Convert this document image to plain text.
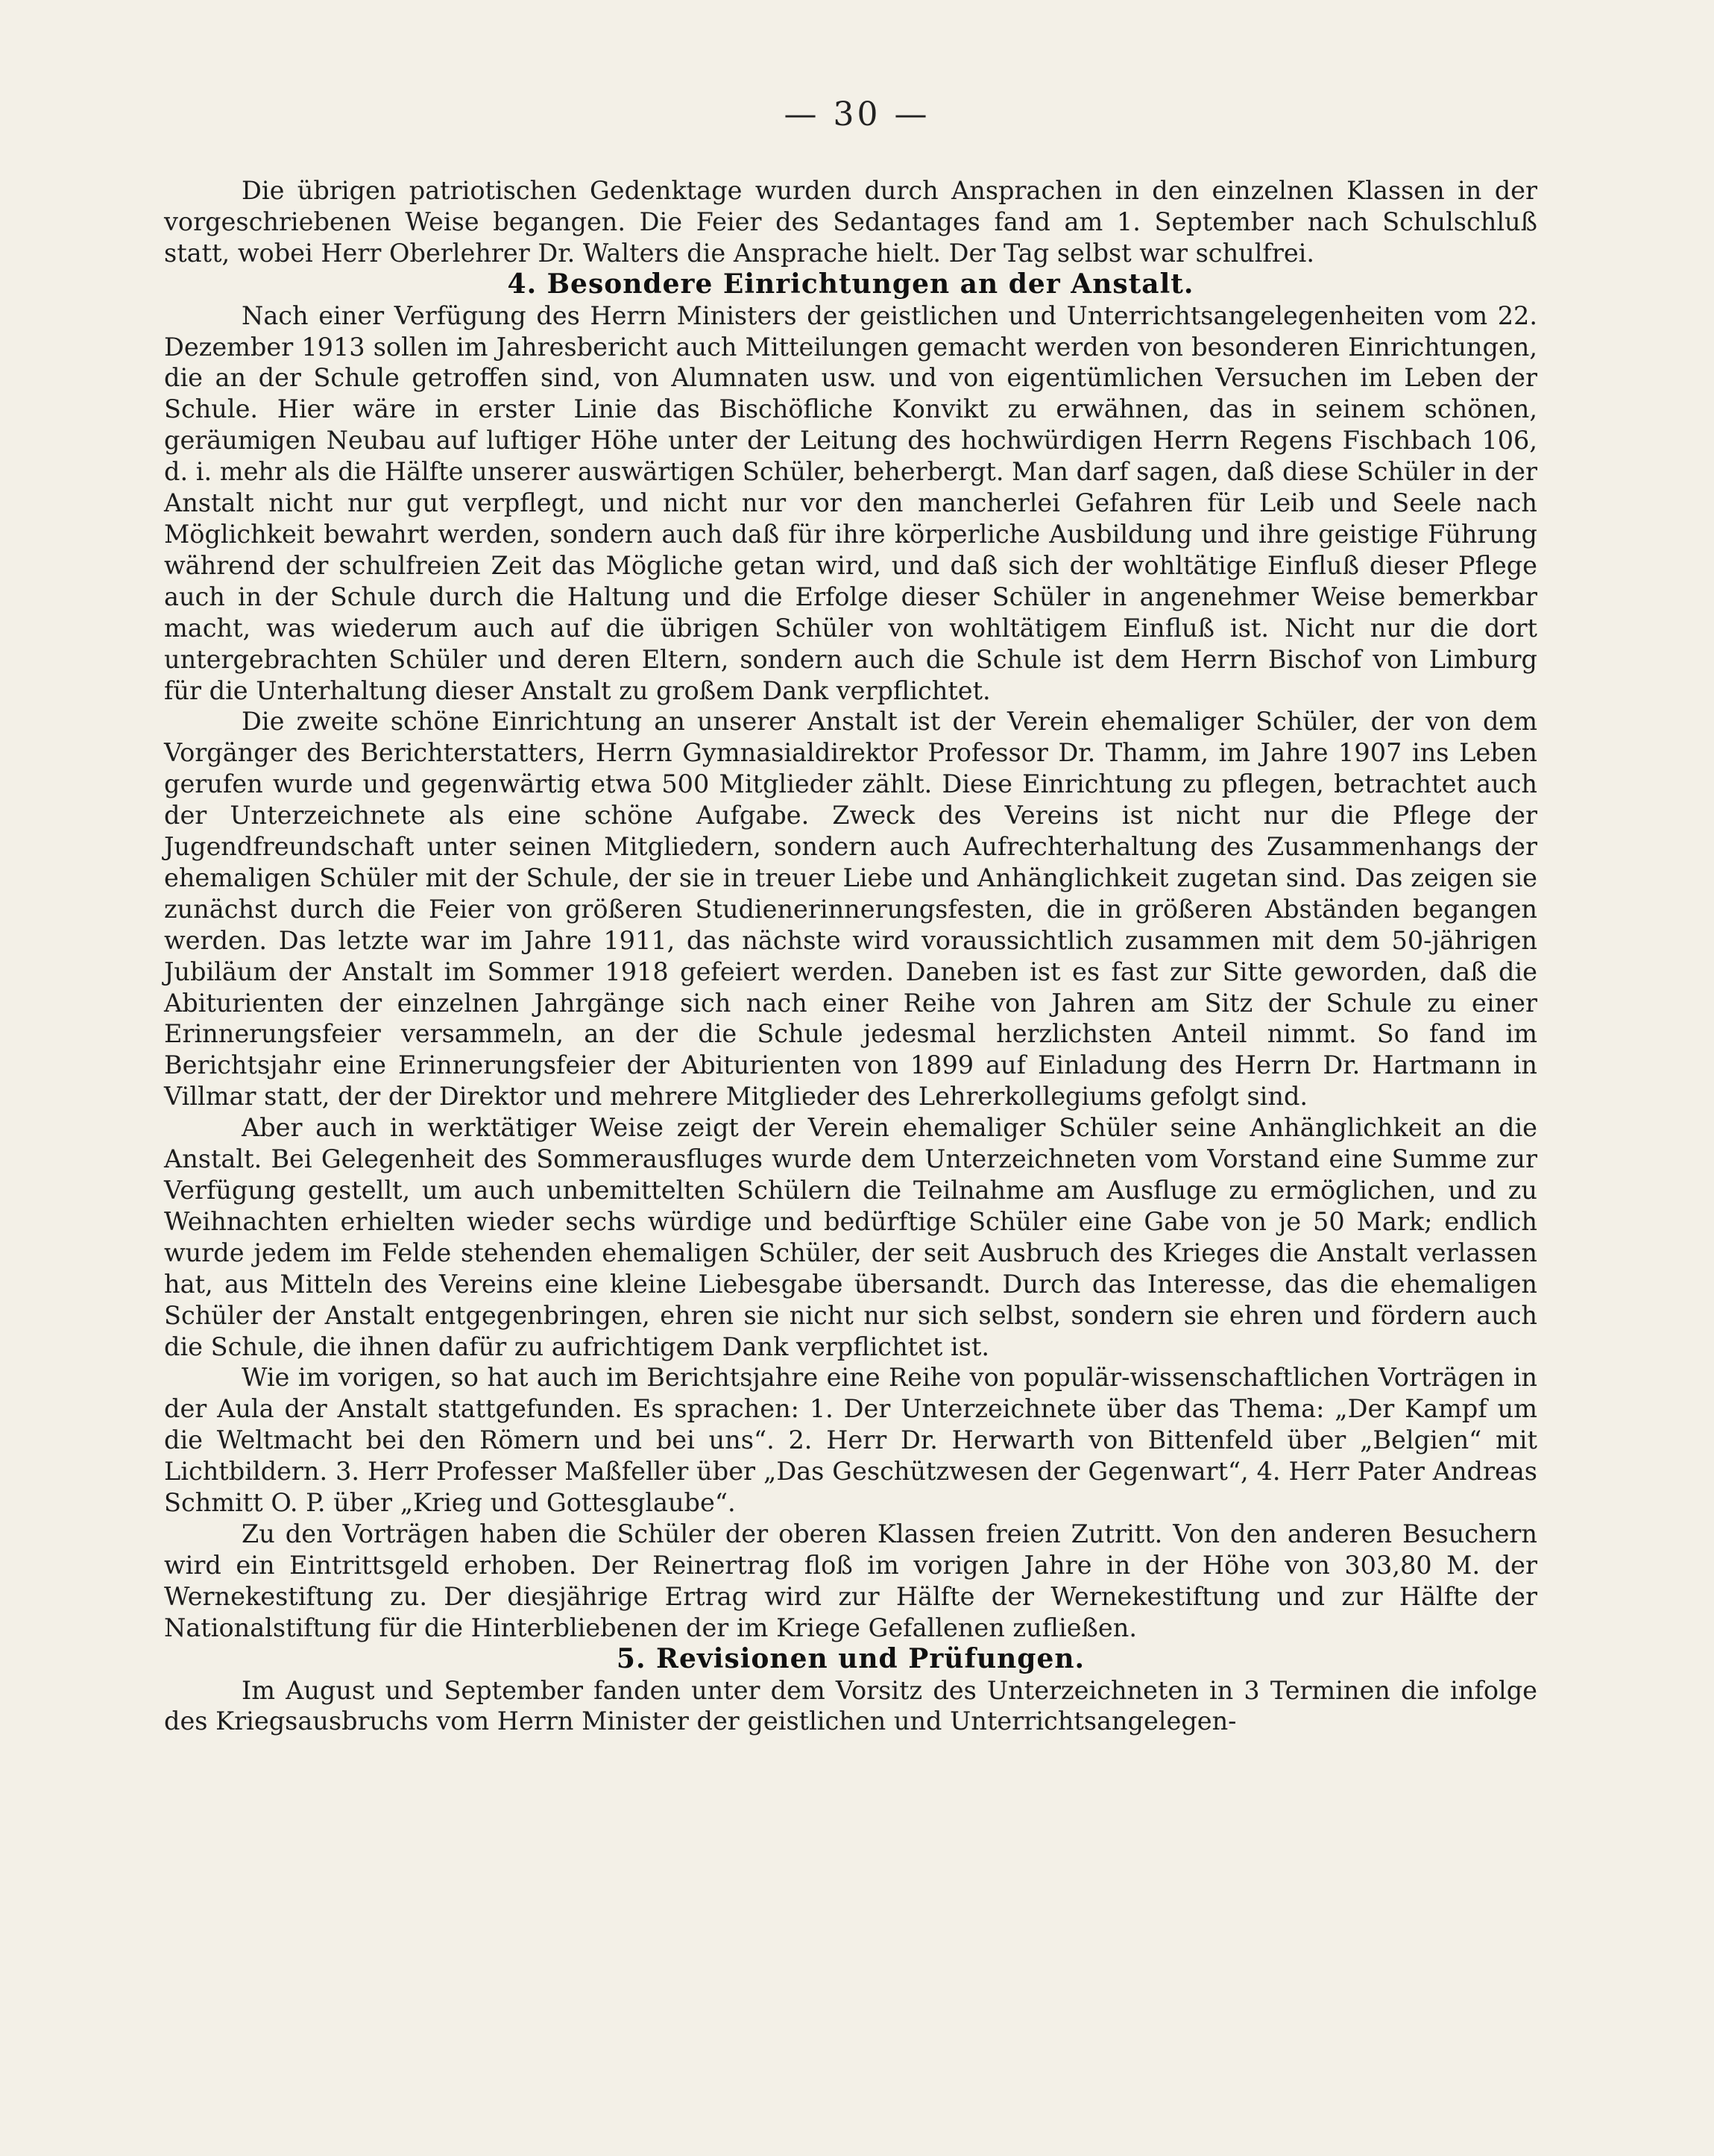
— 30 —

Die übrigen patriotischen Gedenktage wurden durch Ansprachen in den einzelnen Klassen in der vorgeschriebenen Weise begangen. Die Feier des Sedantages fand am 1. September nach Schulschluß statt, wobei Herr Oberlehrer Dr. Walters die Ansprache hielt. Der Tag selbst war schulfrei.

4. Besondere Einrichtungen an der Anstalt.

Nach einer Verfügung des Herrn Ministers der geistlichen und Unterrichtsangelegenheiten vom 22. Dezember 1913 sollen im Jahresbericht auch Mitteilungen gemacht werden von besonderen Einrichtungen, die an der Schule getroffen sind, von Alumnaten usw. und von eigentümlichen Versuchen im Leben der Schule. Hier wäre in erster Linie das Bischöfliche Konvikt zu erwähnen, das in seinem schönen, geräumigen Neubau auf luftiger Höhe unter der Leitung des hochwürdigen Herrn Regens Fischbach 106, d. i. mehr als die Hälfte unserer auswärtigen Schüler, beherbergt. Man darf sagen, daß diese Schüler in der Anstalt nicht nur gut verpflegt, und nicht nur vor den mancherlei Gefahren für Leib und Seele nach Möglichkeit bewahrt werden, sondern auch daß für ihre körperliche Ausbildung und ihre geistige Führung während der schulfreien Zeit das Mögliche getan wird, und daß sich der wohltätige Einfluß dieser Pflege auch in der Schule durch die Haltung und die Erfolge dieser Schüler in angenehmer Weise bemerkbar macht, was wiederum auch auf die übrigen Schüler von wohltätigem Einfluß ist. Nicht nur die dort untergebrachten Schüler und deren Eltern, sondern auch die Schule ist dem Herrn Bischof von Limburg für die Unterhaltung dieser Anstalt zu großem Dank verpflichtet.

Die zweite schöne Einrichtung an unserer Anstalt ist der Verein ehemaliger Schüler, der von dem Vorgänger des Berichterstatters, Herrn Gymnasialdirektor Professor Dr. Thamm, im Jahre 1907 ins Leben gerufen wurde und gegenwärtig etwa 500 Mitglieder zählt. Diese Einrichtung zu pflegen, betrachtet auch der Unterzeichnete als eine schöne Aufgabe. Zweck des Vereins ist nicht nur die Pflege der Jugendfreundschaft unter seinen Mitgliedern, sondern auch Aufrechterhaltung des Zusammenhangs der ehemaligen Schüler mit der Schule, der sie in treuer Liebe und Anhänglichkeit zugetan sind. Das zeigen sie zunächst durch die Feier von größeren Studienerinnerungsfesten, die in größeren Abständen begangen werden. Das letzte war im Jahre 1911, das nächste wird voraussichtlich zusammen mit dem 50-jährigen Jubiläum der Anstalt im Sommer 1918 gefeiert werden. Daneben ist es fast zur Sitte geworden, daß die Abiturienten der einzelnen Jahrgänge sich nach einer Reihe von Jahren am Sitz der Schule zu einer Erinnerungsfeier versammeln, an der die Schule jedesmal herzlichsten Anteil nimmt. So fand im Berichtsjahr eine Erinnerungsfeier der Abiturienten von 1899 auf Einladung des Herrn Dr. Hartmann in Villmar statt, der der Direktor und mehrere Mitglieder des Lehrerkollegiums gefolgt sind.

Aber auch in werktätiger Weise zeigt der Verein ehemaliger Schüler seine Anhänglichkeit an die Anstalt. Bei Gelegenheit des Sommerausfluges wurde dem Unterzeichneten vom Vorstand eine Summe zur Verfügung gestellt, um auch unbemittelten Schülern die Teilnahme am Ausfluge zu ermöglichen, und zu Weihnachten erhielten wieder sechs würdige und bedürftige Schüler eine Gabe von je 50 Mark; endlich wurde jedem im Felde stehenden ehemaligen Schüler, der seit Ausbruch des Krieges die Anstalt verlassen hat, aus Mitteln des Vereins eine kleine Liebesgabe übersandt. Durch das Interesse, das die ehemaligen Schüler der Anstalt entgegenbringen, ehren sie nicht nur sich selbst, sondern sie ehren und fördern auch die Schule, die ihnen dafür zu aufrichtigem Dank verpflichtet ist.

Wie im vorigen, so hat auch im Berichtsjahre eine Reihe von populär-wissenschaftlichen Vorträgen in der Aula der Anstalt stattgefunden. Es sprachen: 1. Der Unterzeichnete über das Thema: „Der Kampf um die Weltmacht bei den Römern und bei uns“. 2. Herr Dr. Herwarth von Bittenfeld über „Belgien“ mit Lichtbildern. 3. Herr Professer Maßfeller über „Das Geschützwesen der Gegenwart“, 4. Herr Pater Andreas Schmitt O. P. über „Krieg und Gottesglaube“.

Zu den Vorträgen haben die Schüler der oberen Klassen freien Zutritt. Von den anderen Besuchern wird ein Eintrittsgeld erhoben. Der Reinertrag floß im vorigen Jahre in der Höhe von 303,80 M. der Wernekestiftung zu. Der diesjährige Ertrag wird zur Hälfte der Wernekestiftung und zur Hälfte der Nationalstiftung für die Hinterbliebenen der im Kriege Gefallenen zufließen.

5. Revisionen und Prüfungen.

Im August und September fanden unter dem Vorsitz des Unterzeichneten in 3 Terminen die infolge des Kriegsausbruchs vom Herrn Minister der geistlichen und Unterrichtsangelegen-
